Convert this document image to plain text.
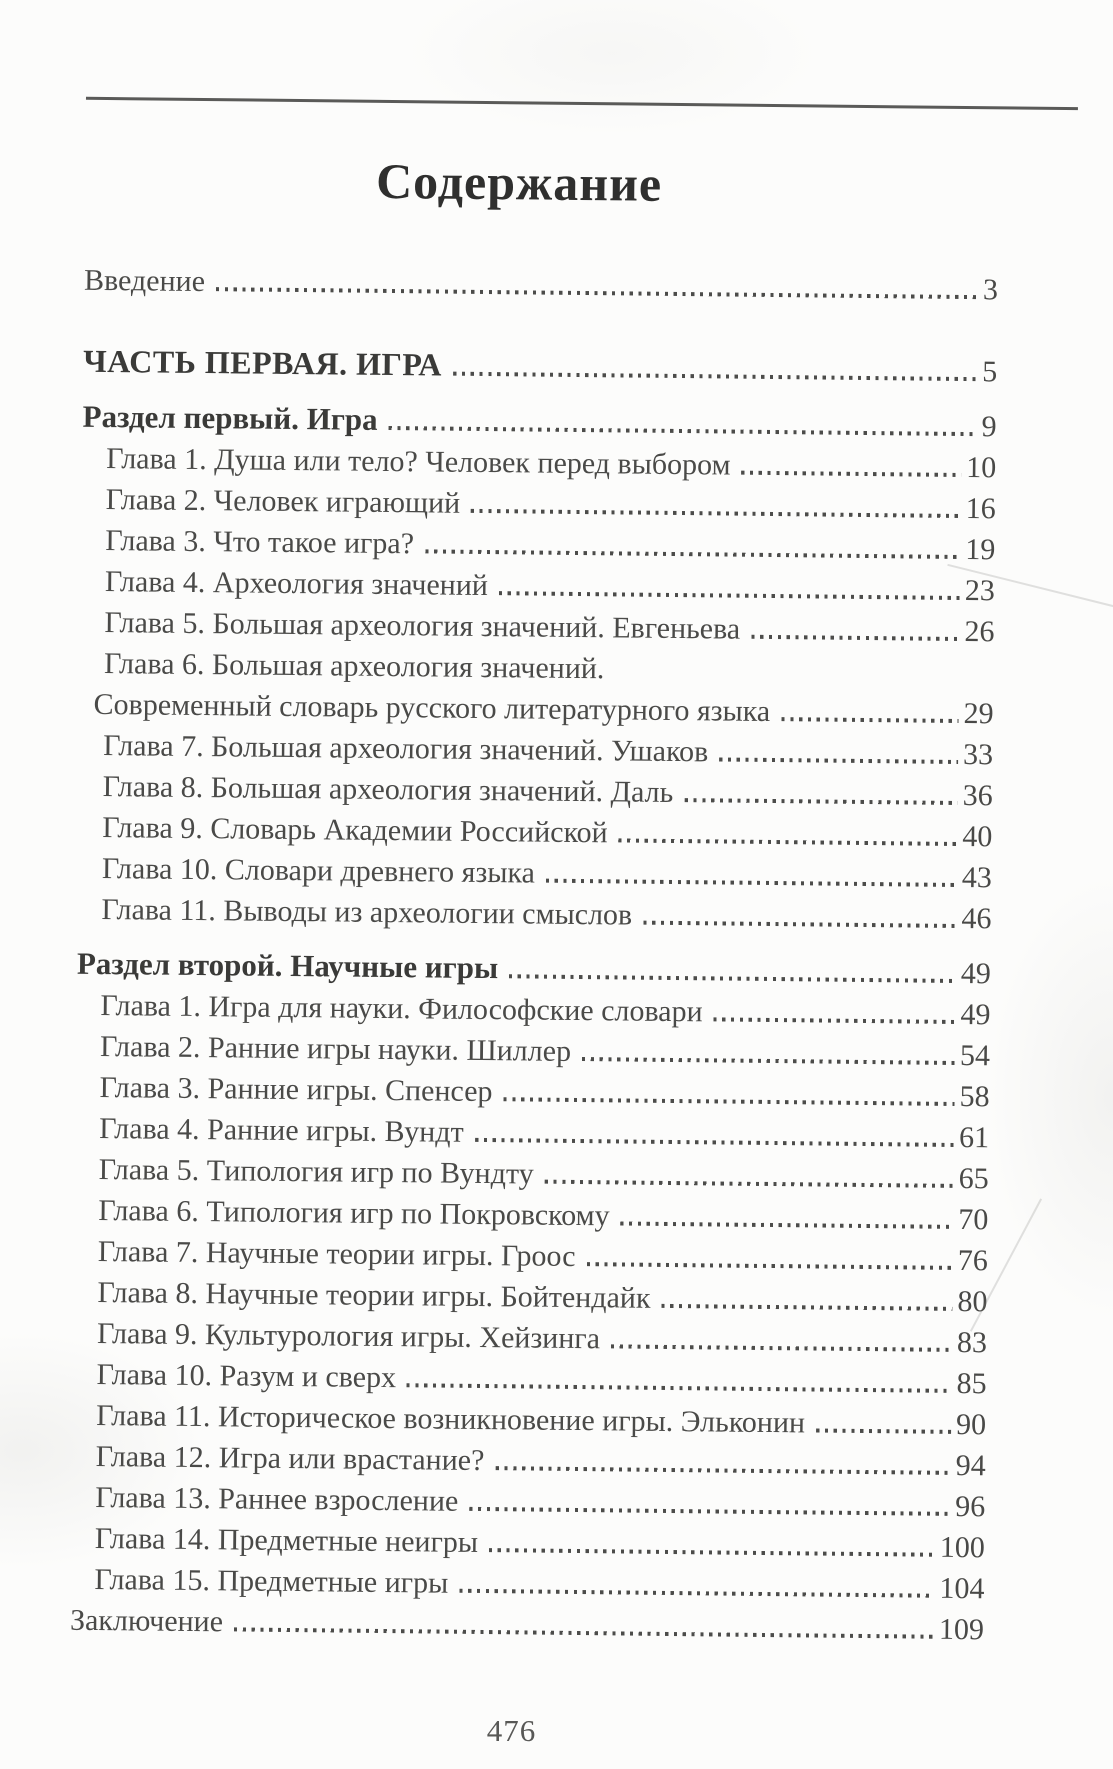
Содержание
Введение	3
ЧАСТЬ ПЕРВАЯ. ИГРА	5
Раздел первый. Игра	9
Глава 1. Душа или тело? Человек перед выбором	10
Глава 2. Человек играющий	16
Глава 3. Что такое игра?	19
Глава 4. Археология значений	23
Глава 5. Большая археология значений. Евгеньева	26
Глава 6. Большая археология значений.
Современный словарь русского литературного языка	29
Глава 7. Большая археология значений. Ушаков	33
Глава 8. Большая археология значений. Даль	36
Глава 9. Словарь Академии Российской	40
Глава 10. Словари древнего языка	43
Глава 11. Выводы из археологии смыслов	46
Раздел второй. Научные игры	49
Глава 1. Игра для науки. Философские словари	49
Глава 2. Ранние игры науки. Шиллер	54
Глава 3. Ранние игры. Спенсер	58
Глава 4. Ранние игры. Вундт	61
Глава 5. Типология игр по Вундту	65
Глава 6. Типология игр по Покровскому	70
Глава 7. Научные теории игры. Гроос	76
Глава 8. Научные теории игры. Бойтендайк	80
Глава 9. Культурология игры. Хейзинга	83
Глава 10. Разум и сверх	85
Глава 11. Историческое возникновение игры. Эльконин	90
Глава 12. Игра или врастание?	94
Глава 13. Раннее взросление	96
Глава 14. Предметные неигры	100
Глава 15. Предметные игры	104
Заключение	109
476
